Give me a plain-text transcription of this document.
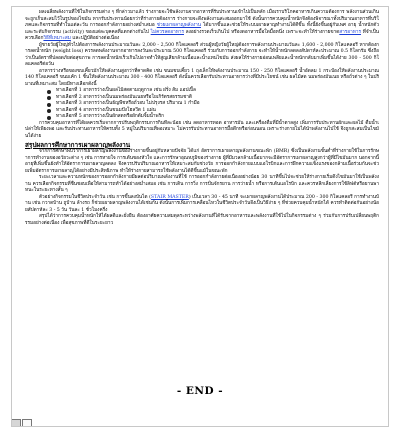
ผลเฉลี่ยพลังงานที่ใช้ในกิจกรรมต่าง ๆ ที่กล่าวมาแล้ว ร่างกายจะใช้พลังงานจากอาหารที่รับประทานเข้าไปเป็นหลัก เมื่อเราบริโภคอาหารเกินความต้องการ พลังงานส่วนเกินจะถูกเก็บสะสมไว้ในรูปของไขมัน หากรับประทานน้อยกว่าที่ร่างกายต้องการ ร่างกายจะดึงพลังงานสะสมออกมาใช้ ดังนั้นการควบคุมน้ำหนักจึงต้องพิจารณาทั้งปริมาณอาหารที่บริโภคและกิจกรรมที่ทำในแต่ละวัน การออกกำลังกายอย่างสม่ำเสมอ ช่วยเผาผลาญพลังงาน ได้มากขึ้นและช่วยให้ระบบเผาผลาญทำงานได้ดีขึ้น ทั้งนี้ยังขึ้นอยู่กับเพศ อายุ น้ำหนักตัว และระดับกิจกรรม (activity) ของแต่ละบุคคลที่แตกต่างกันไป ไม่ควรลดอาหาร ลงอย่างรวดเร็วเกินไป หรืองดอาหารมื้อใดมื้อหนึ่ง เพราะจะทำให้ร่างกายขาดสารอาหาร ที่จำเป็น ควรเลือกวิธีที่เหมาะสม และปฏิบัติอย่างต่อเนื่อง

ผู้ชายวัยผู้ใหญ่ทั่วไปต้องการพลังงานประมาณวันละ 2,000 - 2,500 กิโลแคลอรี ส่วนผู้หญิงวัยผู้ใหญ่ต้องการพลังงานประมาณวันละ 1,600 - 2,000 กิโลแคลอรี หากต้องการลดน้ำหนัก (weight loss) ควรลดพลังงานจากอาหารลงวันละประมาณ 500 กิโลแคลอรี ร่วมกับการออกกำลังกาย จะทำให้น้ำหนักลดลงสัปดาห์ละประมาณ 0.5 กิโลกรัม ซึ่งถือว่าเป็นอัตราที่ปลอดภัยต่อสุขภาพ การลดน้ำหนักเร็วเกินไปอาจทำให้สูญเสียกล้ามเนื้อและน้ำแทนไขมัน ส่งผลให้ร่างกายอ่อนเพลียและน้ำหนักกลับมาเพิ่มขึ้นได้ง่าย 300 - 500 กิโลแคลอรีต่อวัน

อาหารว่างหรือของขบเคี้ยวมักให้พลังงานสูงกว่าที่คาดคิด เช่น ขนมขบเคี้ยว 1 ถุงเล็กให้พลังงานประมาณ 150 - 250 กิโลแคลอรี น้ำอัดลม 1 กระป๋องให้พลังงานประมาณ 140 กิโลแคลอรี ขนมเค้ก 1 ชิ้นให้พลังงานประมาณ 300 - 400 กิโลแคลอรี ดังนั้นควรเลือกรับประทานอาหารว่างที่มีประโยชน์ เช่น ผลไม้สด นมพร่องมันเนย หรือถั่วต่าง ๆ ในปริมาณที่เหมาะสม โดยมีทางเลือกดังนี้

ทางเลือกที่ 1 อาหารว่างเป็นผลไม้สดตามฤดูกาล เช่น ฝรั่ง ส้ม แอปเปิ้ล
ทางเลือกที่ 2 อาหารว่างเป็นนมพร่องมันเนยหรือโยเกิร์ตรสธรรมชาติ
ทางเลือกที่ 3 อาหารว่างเป็นธัญพืชหรือถั่วอบ ไม่ปรุงรส ปริมาณ 1 กำมือ
ทางเลือกที่ 4 อาหารว่างเป็นขนมปังโฮลวีต 1 แผ่น
ทางเลือกที่ 5 อาหารว่างเป็นผักสดหรือผักต้มจิ้มน้ำพริก

การควบคุมอาหารที่ได้ผลควรเริ่มจากการปรับพฤติกรรมการกินทีละน้อย เช่น ลดอาหารทอด อาหารมัน และเครื่องดื่มที่มีน้ำตาลสูง เพิ่มการรับประทานผักและผลไม้ ดื่มน้ำเปล่าให้เพียงพอ และรับประทานอาหารให้ครบทั้ง 5 หมู่ในปริมาณที่พอเหมาะ ไม่ควรรับประทานอาหารมื้อดึกหรือก่อนนอน เพราะร่างกายไม่ได้นำพลังงานไปใช้ จึงถูกสะสมเป็นไขมันได้ง่าย

สรุปผลการศึกษาการเผาผลาญพลังงาน

จากการศึกษาพบว่าการเผาผลาญพลังงานของร่างกายขึ้นอยู่กับหลายปัจจัย ได้แก่ อัตราการเผาผลาญพลังงานขณะพัก (BMR) ซึ่งเป็นพลังงานขั้นต่ำที่ร่างกายใช้ในการรักษาการทำงานของอวัยวะต่าง ๆ เช่น การหายใจ การเต้นของหัวใจ และการรักษาอุณหภูมิของร่างกาย ผู้ที่มีมวลกล้ามเนื้อมากจะมีอัตราการเผาผลาญสูงกว่าผู้ที่มีไขมันมาก นอกจากนี้อายุที่เพิ่มขึ้นยังทำให้อัตราการเผาผลาญลดลง จึงควรปรับปริมาณอาหารให้เหมาะสมกับช่วงวัย การออกกำลังกายแบบแอโรบิกและการฝึกความแข็งแรงของกล้ามเนื้อร่วมกันจะช่วยเพิ่มอัตราการเผาผลาญได้อย่างมีประสิทธิภาพ ทำให้ร่างกายสามารถใช้พลังงานได้ดีขึ้นแม้ในขณะพัก

ระยะเวลาและความหนักของการออกกำลังกายมีผลต่อปริมาณพลังงานที่ใช้ การออกกำลังกายต่อเนื่องอย่างน้อย 30 นาทีขึ้นไปจะช่วยให้ร่างกายเริ่มดึงไขมันมาใช้เป็นพลังงาน ควรเลือกกิจกรรมที่ชื่นชอบเพื่อให้สามารถทำได้อย่างสม่ำเสมอ เช่น การเดิน การวิ่ง การปั่นจักรยาน การว่ายน้ำ หรือการเต้นแอโรบิก และควรหลีกเลี่ยงการใช้ลิฟต์หรือยานพาหนะในระยะทางสั้น ๆ

ตัวอย่างกิจกรรมในชีวิตประจำวัน เช่น การขึ้นลงบันได (STAIR MASTER) เป็นเวลา 30 - 45 นาที จะเผาผลาญพลังงานได้ประมาณ 200 - 300 กิโลแคลอรี การทำงานบ้าน เช่น กวาดบ้าน ถูบ้าน ล้างรถ ก็ช่วยเผาผลาญพลังงานได้เช่นกัน ดังนั้นการเพิ่มการเคลื่อนไหวในชีวิตประจำวันจึงเป็นวิธีง่าย ๆ ที่ช่วยควบคุมน้ำหนักได้ ควรทำติดต่อกันอย่างน้อยสัปดาห์ละ 3 - 5 วัน วันละ 1 ชั่วโมงครึ่ง

สรุปได้ว่าการควบคุมน้ำหนักให้ได้ผลดีและยั่งยืน ต้องอาศัยความสมดุลระหว่างพลังงานที่ได้รับจากอาหารและพลังงานที่ใช้ไปในกิจกรรมต่าง ๆ ร่วมกับการปรับเปลี่ยนพฤติกรรมอย่างต่อเนื่อง เพื่อสุขภาพที่ดีในระยะยาว

- END -
